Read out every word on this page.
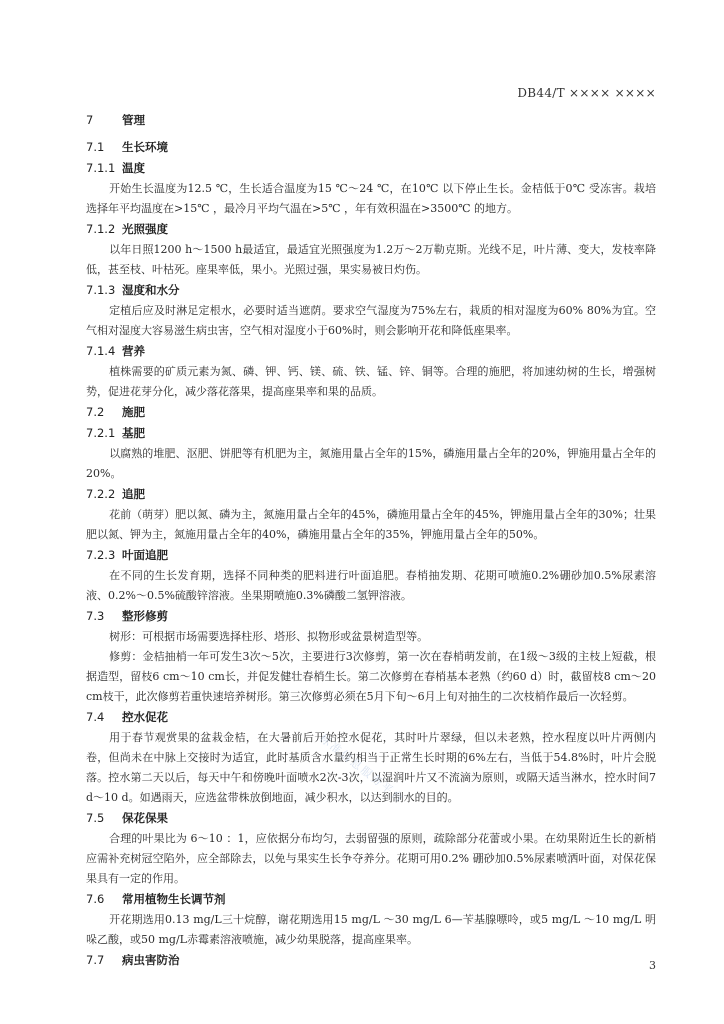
DB44/T ×××× ××××
7 管理
7.1 生长环境
7.1.1 温度

开始生长温度为12.5 ℃，生长适合温度为15 ℃～24 ℃，在10℃ 以下停止生长。金桔低于0℃ 受冻害。栽培选择年平均温度在>15℃ ，最冷月平均气温在>5℃ ，年有效积温在>3500℃ 的地方。

7.1.2 光照强度

以年日照1200 h～1500 h最适宜，最适宜光照强度为1.2万～2万勒克斯。光线不足，叶片薄、变大，发枝率降低，甚至枝、叶枯死。座果率低，果小。光照过强，果实易被日灼伤。

7.1.3 湿度和水分

定植后应及时淋足定根水，必要时适当遮荫。要求空气湿度为75%左右，栽质的相对湿度为60% 80%为宜。空气相对湿度大容易滋生病虫害，空气相对湿度小于60%时，则会影响开花和降低座果率。

7.1.4 营养

植株需要的矿质元素为氮、磷、钾、钙、镁、硫、铁、锰、锌、铜等。合理的施肥，将加速幼树的生长，增强树势，促进花芽分化，减少落花落果，提高座果率和果的品质。

7.2 施肥
7.2.1 基肥

以腐熟的堆肥、沤肥、饼肥等有机肥为主，氮施用量占全年的15%，磷施用量占全年的20%，钾施用量占全年的20%。

7.2.2 追肥

花前（萌芽）肥以氮、磷为主，氮施用量占全年的45%，磷施用量占全年的45%，钾施用量占全年的30%；壮果肥以氮、钾为主，氮施用量占全年的40%，磷施用量占全年的35%，钾施用量占全年的50%。

7.2.3 叶面追肥

在不同的生长发育期，选择不同种类的肥料进行叶面追肥。春梢抽发期、花期可喷施0.2%硼砂加0.5%尿素溶液、0.2%～0.5%硫酸锌溶液。坐果期喷施0.3%磷酸二氢钾溶液。

7.3 整形修剪

树形：可根据市场需要选择柱形、塔形、拟物形或盆景树造型等。

修剪：金桔抽梢一年可发生3次～5次，主要进行3次修剪，第一次在春梢萌发前，在1级～3级的主枝上短截，根据造型，留枝6 cm～10 cm长，并促发健壮春梢生长。第二次修剪在春梢基本老熟（约60 d）时，截留枝8 cm～20 cm枝干，此次修剪若重快速培养树形。第三次修剪必须在5月下旬～6月上旬对抽生的二次枝梢作最后一次轻剪。

7.4 控水促花

用于春节观赏果的盆栽金桔，在大暑前后开始控水促花，其时叶片翠绿，但以未老熟，控水程度以叶片两侧内卷，但尚未在中脉上交接时为适宜，此时基质含水量约相当于正常生长时期的6%左右，当低于54.8%时，叶片会脱落。控水第二天以后，每天中午和傍晚叶面喷水2次-3次，以湿润叶片又不流滴为原则，或隔天适当淋水，控水时间7 d～10 d。如遇雨天，应选盆带株放倒地面，减少积水，以达到制水的目的。

7.5 保花保果

合理的叶果比为 6～10 ：1，应依据分布均匀，去弱留强的原则，疏除部分花蕾或小果。在幼果附近生长的新梢应需补充树冠空陷外，应全部除去，以免与果实生长争夺养分。花期可用0.2% 硼砂加0.5%尿素喷洒叶面，对保花保果具有一定的作用。

7.6 常用植物生长调节剂

开花期选用0.13 mg/L三十烷醇，谢花期选用15 mg/L ～30 mg/L 6—苄基腺嘌呤，或5 mg/L ～10 mg/L 明哚乙酸，或50 mg/L赤霉素溶液喷施，减少幼果脱落，提高座果率。

7.7 病虫害防治
标准信息服务平台
3
